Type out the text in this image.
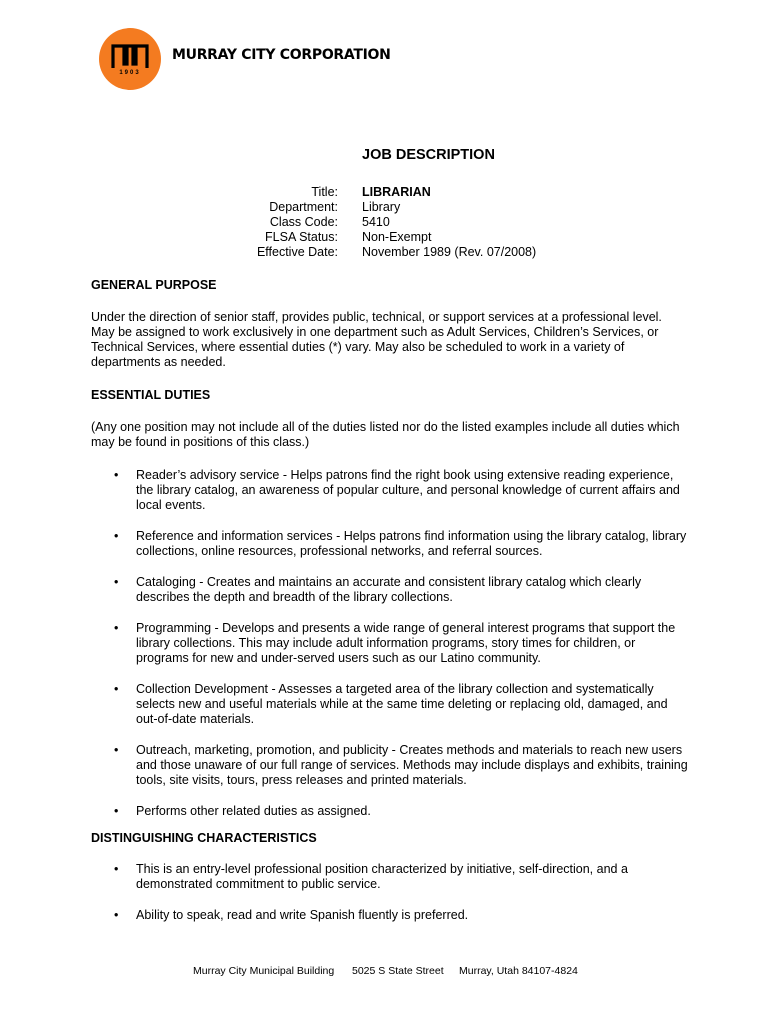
1903
MURRAY CITY CORPORATION
JOB DESCRIPTION
Title:
Department:
Class Code:
FLSA Status:
Effective Date:
LIBRARIAN
Library
5410
Non-Exempt
November 1989 (Rev. 07/2008)
GENERAL PURPOSE
Under the direction of senior staff, provides public, technical, or support services at a professional level. May be assigned to work exclusively in one department such as Adult Services, Children’s Services, or Technical Services, where essential duties (*) vary. May also be scheduled to work in a variety of departments as needed.
ESSENTIAL DUTIES
(Any one position may not include all of the duties listed nor do the listed examples include all duties which may be found in positions of this class.)
• Reader’s advisory service - Helps patrons find the right book using extensive reading experience, the library catalog, an awareness of popular culture, and personal knowledge of current affairs and local events.
• Reference and information services - Helps patrons find information using the library catalog, library collections, online resources, professional networks, and referral sources.
• Cataloging - Creates and maintains an accurate and consistent library catalog which clearly describes the depth and breadth of the library collections.
• Programming - Develops and presents a wide range of general interest programs that support the library collections. This may include adult information programs, story times for children, or programs for new and under-served users such as our Latino community.
• Collection Development - Assesses a targeted area of the library collection and systematically selects new and useful materials while at the same time deleting or replacing old, damaged, and out-of-date materials.
• Outreach, marketing, promotion, and publicity - Creates methods and materials to reach new users and those unaware of our full range of services. Methods may include displays and exhibits, training tools, site visits, tours, press releases and printed materials.
• Performs other related duties as assigned.
DISTINGUISHING CHARACTERISTICS
• This is an entry-level professional position characterized by initiative, self-direction, and a demonstrated commitment to public service.
• Ability to speak, read and write Spanish fluently is preferred.
Murray City Municipal Building 5025 S State Street Murray, Utah 84107-4824
